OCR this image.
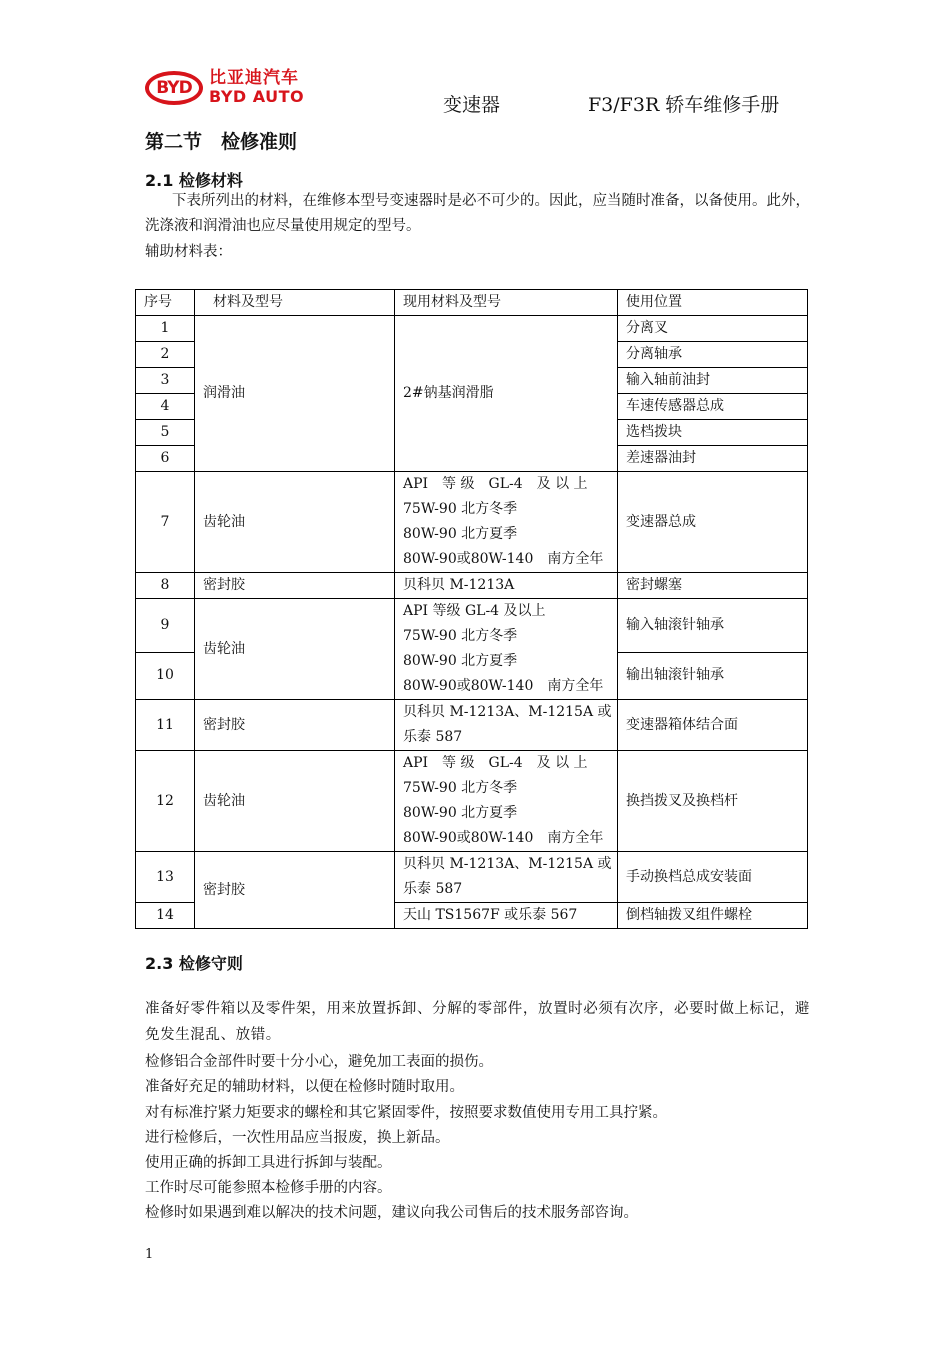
BYD	比亚迪汽车
BYD AUTO	变速器	F3/F3R 轿车维修手册
第二节　检修准则
2.1 检修材料
下表所列出的材料，在维修本型号变速器时是必不可少的。因此，应当随时准备，以备使用。此外，洗涤液和润滑油也应尽量使用规定的型号。
辅助材料表：
序号	材料及型号	现用材料及型号	使用位置
1	润滑油	2#钠基润滑脂	分离叉
2			分离轴承
3			输入轴前油封
4			车速传感器总成
5			选档拨块
6			差速器油封
7	齿轮油	API　等 级　GL-4　及 以 上
75W-90 北方冬季
80W-90 北方夏季
80W-90或80W-140　南方全年	变速器总成
8	密封胶	贝科贝 M-1213A	密封螺塞
9	齿轮油	API 等级 GL-4 及以上
75W-90 北方冬季
80W-90 北方夏季
80W-90或80W-140　南方全年	输入轴滚针轴承
10			输出轴滚针轴承
11	密封胶	贝科贝 M-1213A、M-1215A 或
乐泰 587	变速器箱体结合面
12	齿轮油	API　等 级　GL-4　及 以 上
75W-90 北方冬季
80W-90 北方夏季
80W-90或80W-140　南方全年	换挡拨叉及换档杆
13	密封胶	贝科贝 M-1213A、M-1215A 或
乐泰 587	手动换档总成安装面
14		天山 TS1567F 或乐泰 567	倒档轴拨叉组件螺栓
2.3 检修守则
准备好零件箱以及零件架，用来放置拆卸、分解的零部件，放置时必须有次序，必要时做上标记，避免发生混乱、放错。
检修铝合金部件时要十分小心，避免加工表面的损伤。
准备好充足的辅助材料，以便在检修时随时取用。
对有标准拧紧力矩要求的螺栓和其它紧固零件，按照要求数值使用专用工具拧紧。
进行检修后，一次性用品应当报废，换上新品。
使用正确的拆卸工具进行拆卸与装配。
工作时尽可能参照本检修手册的内容。
检修时如果遇到难以解决的技术问题，建议向我公司售后的技术服务部咨询。
1
